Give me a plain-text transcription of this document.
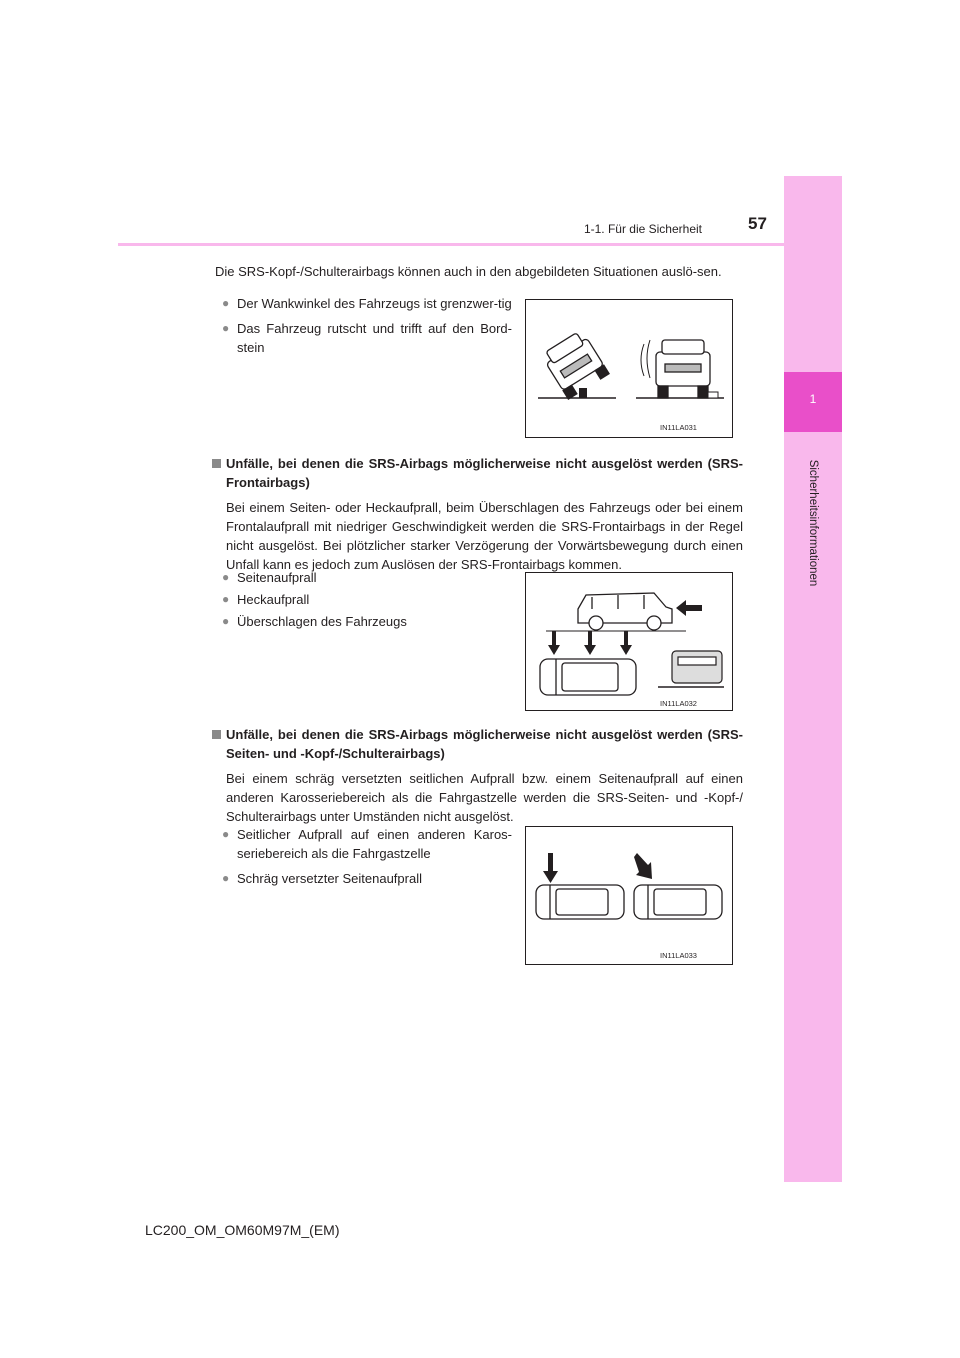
1
Sicherheitsinformationen
1-1. Für die Sicherheit	57

Die SRS-Kopf-/Schulterairbags können auch in den abgebildeten Situationen auslö-sen.

● Der Wankwinkel des Fahrzeugs ist grenzwer-tig
● Das Fahrzeug rutscht und trifft auf den Bord-stein
IN11LA031
Unfälle, bei denen die SRS-Airbags möglicherweise nicht ausgelöst werden (SRS-Frontairbags)

Bei einem Seiten- oder Heckaufprall, beim Überschlagen des Fahrzeugs oder bei einem Frontalaufprall mit niedriger Geschwindigkeit werden die SRS-Frontairbags in der Regel nicht ausgelöst. Bei plötzlicher starker Verzögerung der Vorwärtsbewegung durch einen Unfall kann es jedoch zum Auslösen der SRS-Frontairbags kommen.

● Seitenaufprall
● Heckaufprall
● Überschlagen des Fahrzeugs
IN11LA032
Unfälle, bei denen die SRS-Airbags möglicherweise nicht ausgelöst werden (SRS-Seiten- und -Kopf-/Schulterairbags)

Bei einem schräg versetzten seitlichen Aufprall bzw. einem Seitenaufprall auf einen anderen Karosseriebereich als die Fahrgastzelle werden die SRS-Seiten- und -Kopf-/ Schulterairbags unter Umständen nicht ausgelöst.

● Seitlicher Aufprall auf einen anderen Karos-seriebereich als die Fahrgastzelle
● Schräg versetzter Seitenaufprall
IN11LA033
LC200_OM_OM60M97M_(EM)
